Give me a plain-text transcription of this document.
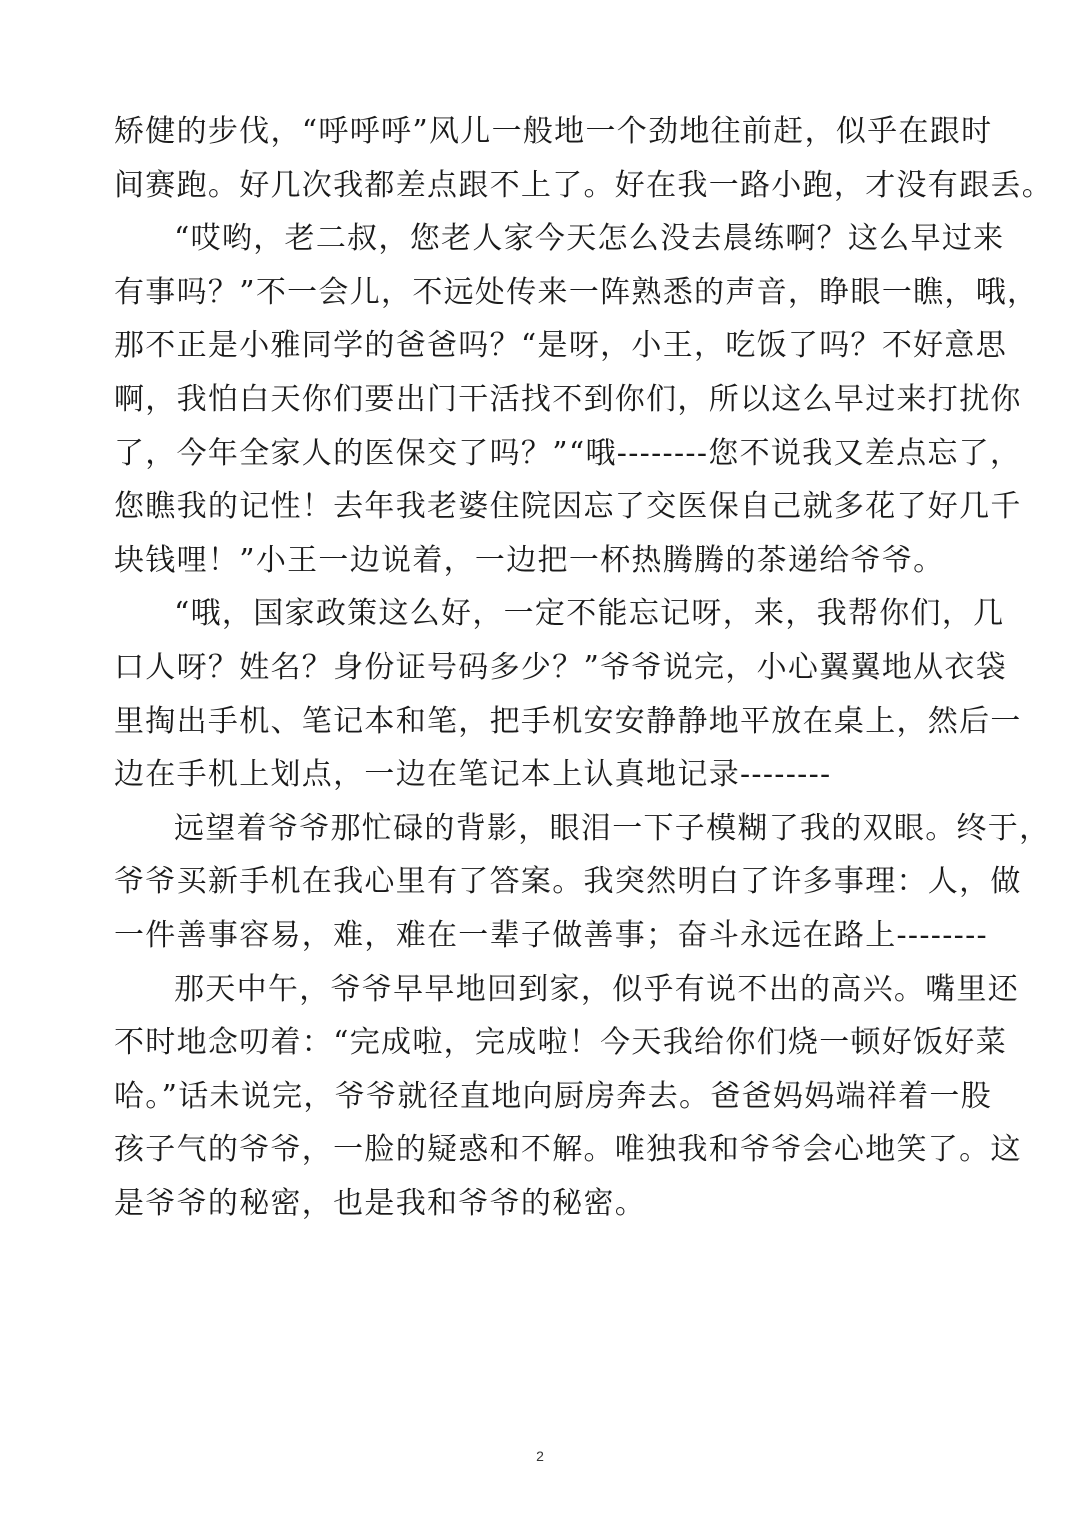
矫健的步伐，“呼呼呼”风儿一般地一个劲地往前赶，似乎在跟时
间赛跑。好几次我都差点跟不上了。好在我一路小跑，才没有跟丢。
“哎哟，老二叔，您老人家今天怎么没去晨练啊？这么早过来
有事吗？”不一会儿，不远处传来一阵熟悉的声音，睁眼一瞧，哦，
那不正是小雅同学的爸爸吗？“是呀，小王，吃饭了吗？不好意思
啊，我怕白天你们要出门干活找不到你们，所以这么早过来打扰你
了，今年全家人的医保交了吗？”“哦--------您不说我又差点忘了，
您瞧我的记性！去年我老婆住院因忘了交医保自己就多花了好几千
块钱哩！”小王一边说着，一边把一杯热腾腾的茶递给爷爷。
“哦，国家政策这么好，一定不能忘记呀，来，我帮你们，几
口人呀？姓名？身份证号码多少？”爷爷说完，小心翼翼地从衣袋
里掏出手机、笔记本和笔，把手机安安静静地平放在桌上，然后一
边在手机上划点，一边在笔记本上认真地记录--------
远望着爷爷那忙碌的背影，眼泪一下子模糊了我的双眼。终于，
爷爷买新手机在我心里有了答案。我突然明白了许多事理：人，做
一件善事容易，难，难在一辈子做善事；奋斗永远在路上--------
那天中午，爷爷早早地回到家，似乎有说不出的高兴。嘴里还
不时地念叨着：“完成啦，完成啦！今天我给你们烧一顿好饭好菜
哈。”话未说完，爷爷就径直地向厨房奔去。爸爸妈妈端祥着一股
孩子气的爷爷，一脸的疑惑和不解。唯独我和爷爷会心地笑了。这
是爷爷的秘密，也是我和爷爷的秘密。
2
